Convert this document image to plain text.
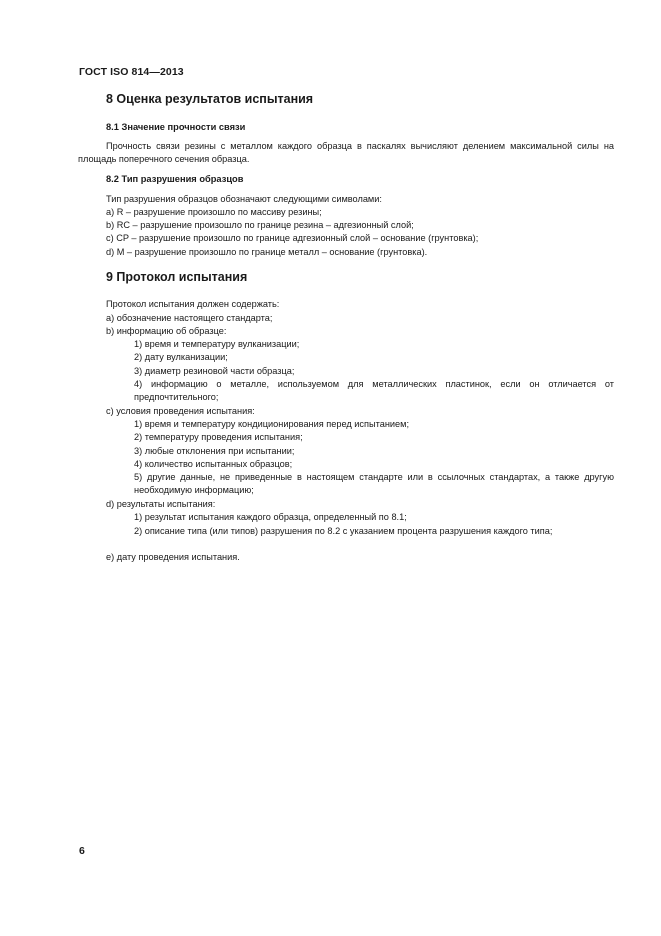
ГОСТ ISO 814—2013
8 Оценка результатов испытания
8.1 Значение прочности связи
Прочность связи резины с металлом каждого образца в паскалях вычисляют делением максимальной силы на площадь поперечного сечения образца.
8.2 Тип разрушения образцов
Тип разрушения образцов обозначают следующими символами:
a) R – разрушение произошло по массиву резины;
b) RC – разрушение произошло по границе резина – адгезионный слой;
c) CP – разрушение произошло по границе адгезионный слой – основание (грунтовка);
d) M – разрушение произошло по границе металл – основание (грунтовка).
9 Протокол испытания
Протокол испытания должен содержать:
a) обозначение настоящего стандарта;
b) информацию об образце:
1) время и температуру вулканизации;
2) дату вулканизации;
3) диаметр резиновой части образца;
4) информацию о металле, используемом для металлических пластинок, если он отличается от предпочтительного;
c) условия проведения испытания:
1) время и температуру кондиционирования перед испытанием;
2) температуру проведения испытания;
3) любые отклонения при испытании;
4) количество испытанных образцов;
5) другие данные, не приведенные в настоящем стандарте или в ссылочных стандартах, а также другую необходимую информацию;
d) результаты испытания:
1) результат испытания каждого образца, определенный по 8.1;
2) описание типа (или типов) разрушения по 8.2 с указанием процента разрушения каждого типа;
e) дату проведения испытания.
6
